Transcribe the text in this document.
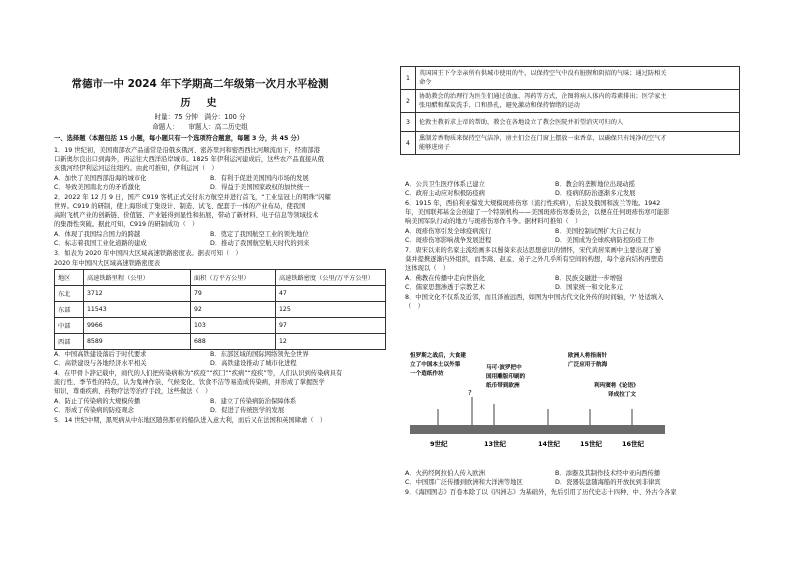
常德市一中 2024 年下学期高二年级第一次月水平检测
历　史
时量：75 分钟　满分：100 分
命题人：　　审题人：高二历史组
一、选择题（本题包括 15 小题，每小题只有一个选项符合题意，每题 3 分，共 45 分）
1．19 世纪初，美国南部农产品通常是沿俄亥俄河、密苏里河和密西西比河顺流而下，经南部港
口新奥尔良出口到海外，再运往大西洋沿岸城市。1825 年伊利运河建成后，这些农产品直接从俄
亥俄河经伊利运河运往纽约。由此可推知，伊利运河（　）
A．加快了美国西部沿海的城市化	B．有利于促进美国国内市场的发展
C．导致美国南北方的矛盾激化	D．得益于美国国家政权的加快统一
2．2022 年 12 月 9 日，国产 C919 客机正式交付东方航空并进行首飞，“工业皇冠上的明珠”闪耀
世界。C919 的研制，使上海形成了集设计、制造、试飞、配套于一体的产业布局，使我国
高附飞机产业的创新链、价值链、产业链得到显性和拓展，带动了新材料、电子信息等领域技术
的集群性突破。据此可知，C919 的研制成功（　）
A．体现了我国综合国力的跨越	B．奠定了我国航空工业的领先地位
C．标志着我国工业化道路的建成	D．推动了我国航空航天时代的到来
3．如表为 2020 年中国四大区域高速铁路密度表。据表可知（　）
2020 年中国四大区域高速铁路密度表
地区	高速铁路里程（公里）	面积（万平方公里）	高速铁路密度（公里/万平方公里）
东北	3712	79	47
东部	11543	92	125
中部	9966	103	97
西部	8589	688	12
A．中国高铁建设落后于时代要求	B．东部区域的国际网络领先全世界
C．高铁建设与各地经济水平相关	D．高铁建设推动了城市化进程
4．在甲骨卜辞记载中，商代的人们把传染病称为“疾疫”“疾囗”“疾病”“疫疾”等，人们认识到传染病具有
流行性、季节性的特点，认为鬼神作祟、气候变化、饮食不洁等易造成传染病，并形成了掌握医学
知识，尊重疾病、药物疗法等治疗手段，这些做法（　）
A．防止了传染病的大规模传播	B．建立了传染病防治保障体系
C．形成了传染病的防疫观念	D．促进了传统医学的发展
5．14 世纪中期，黑死病从中东地区随热那亚的船队进入意大利，而后又在法国和英国肆虐（　）
1	英国国王下令幸亲所有供城市使用的牛，以保持空气中没有脏腥和阴招的气味；通过防相关
命令

2	协助教会的治理行为医生们通过放血、泻药等方式，企图将病人体内的毒素排出；医学家主
张用醋和煤炭洗手、口和鼻孔，避免激动和保持情绪的运动

3	伦敦主教祈求上帝的帮助，教会在各地设立了教会医院并祈望消灾可归的人

4	熏制芳香物质来保持空气洁净，房主们会在门窗上摆放一束香草，以确保只有纯净的空气才
能够进房子
A．公共卫生医疗体系已建立	B．教会的垄断地位出现动摇
C．政府主动应对积极防疫病	D．疫病的防治逐渐多元发展
6．1915 年，西伯利亚爆发大规模斑疹伤寒（流行性疾病），后波及俄国和波兰等地。1942
年，美国联邦基金会创建了一个特别机构——美国斑疹伤寒委员会，以便在任何斑疹伤寒可能影
响美国军队行动的地方与斑疹伤寒作斗争。据材料可推知（　）
A．斑疹伤寒引发全球疫病流行	B．美国控制试图扩大自己权力
C．斑疹伤寒影响战争发展进程	D．美国成为全球疾病防控防疫工作
7．唐宋以来的名家主流绘画多以蜀葵来表达思想意识的情怀，宋代黄居寀画中主要出现了蜀
葵并提携逐渐内外组织，而李嵩、赵孟、弟子之外几乎所有空间的构想，每个意向结构再塑造
这体现以（　）
A．佛教在传播中走向世俗化	B．民族交融进一步增强
C．儒家思想渗透于宗教艺术	D．国家统一和文化多元
8．中国文化不仅系及近邻，而且泽被远西，如图为中国古代文化外传的时间轴，'?' 处适填入
（　）
?
9世纪	13世纪	14世纪	15世纪	16世纪
怛罗斯之战后，大食建
立了中国本土以外第
一个造纸作坊
马可·波罗把中
国用雕版印刷的
纸币带到欧洲
欧洲人将指南针
广泛应用于航海
利玛窦将《论语》
译成拉丁文
A．火药经阿拉伯人传入欧洲	B．添器及其制作技术经中亚向西传播
C．中国那广泛传播到欧洲和大洋洲等地区	D．瓷器装盘随海船的开放抗到非律宾
9．《海国图志》百卷本除了以《四洲志》为基础外，先后引用了历代史志十四种、中、外古今各家
